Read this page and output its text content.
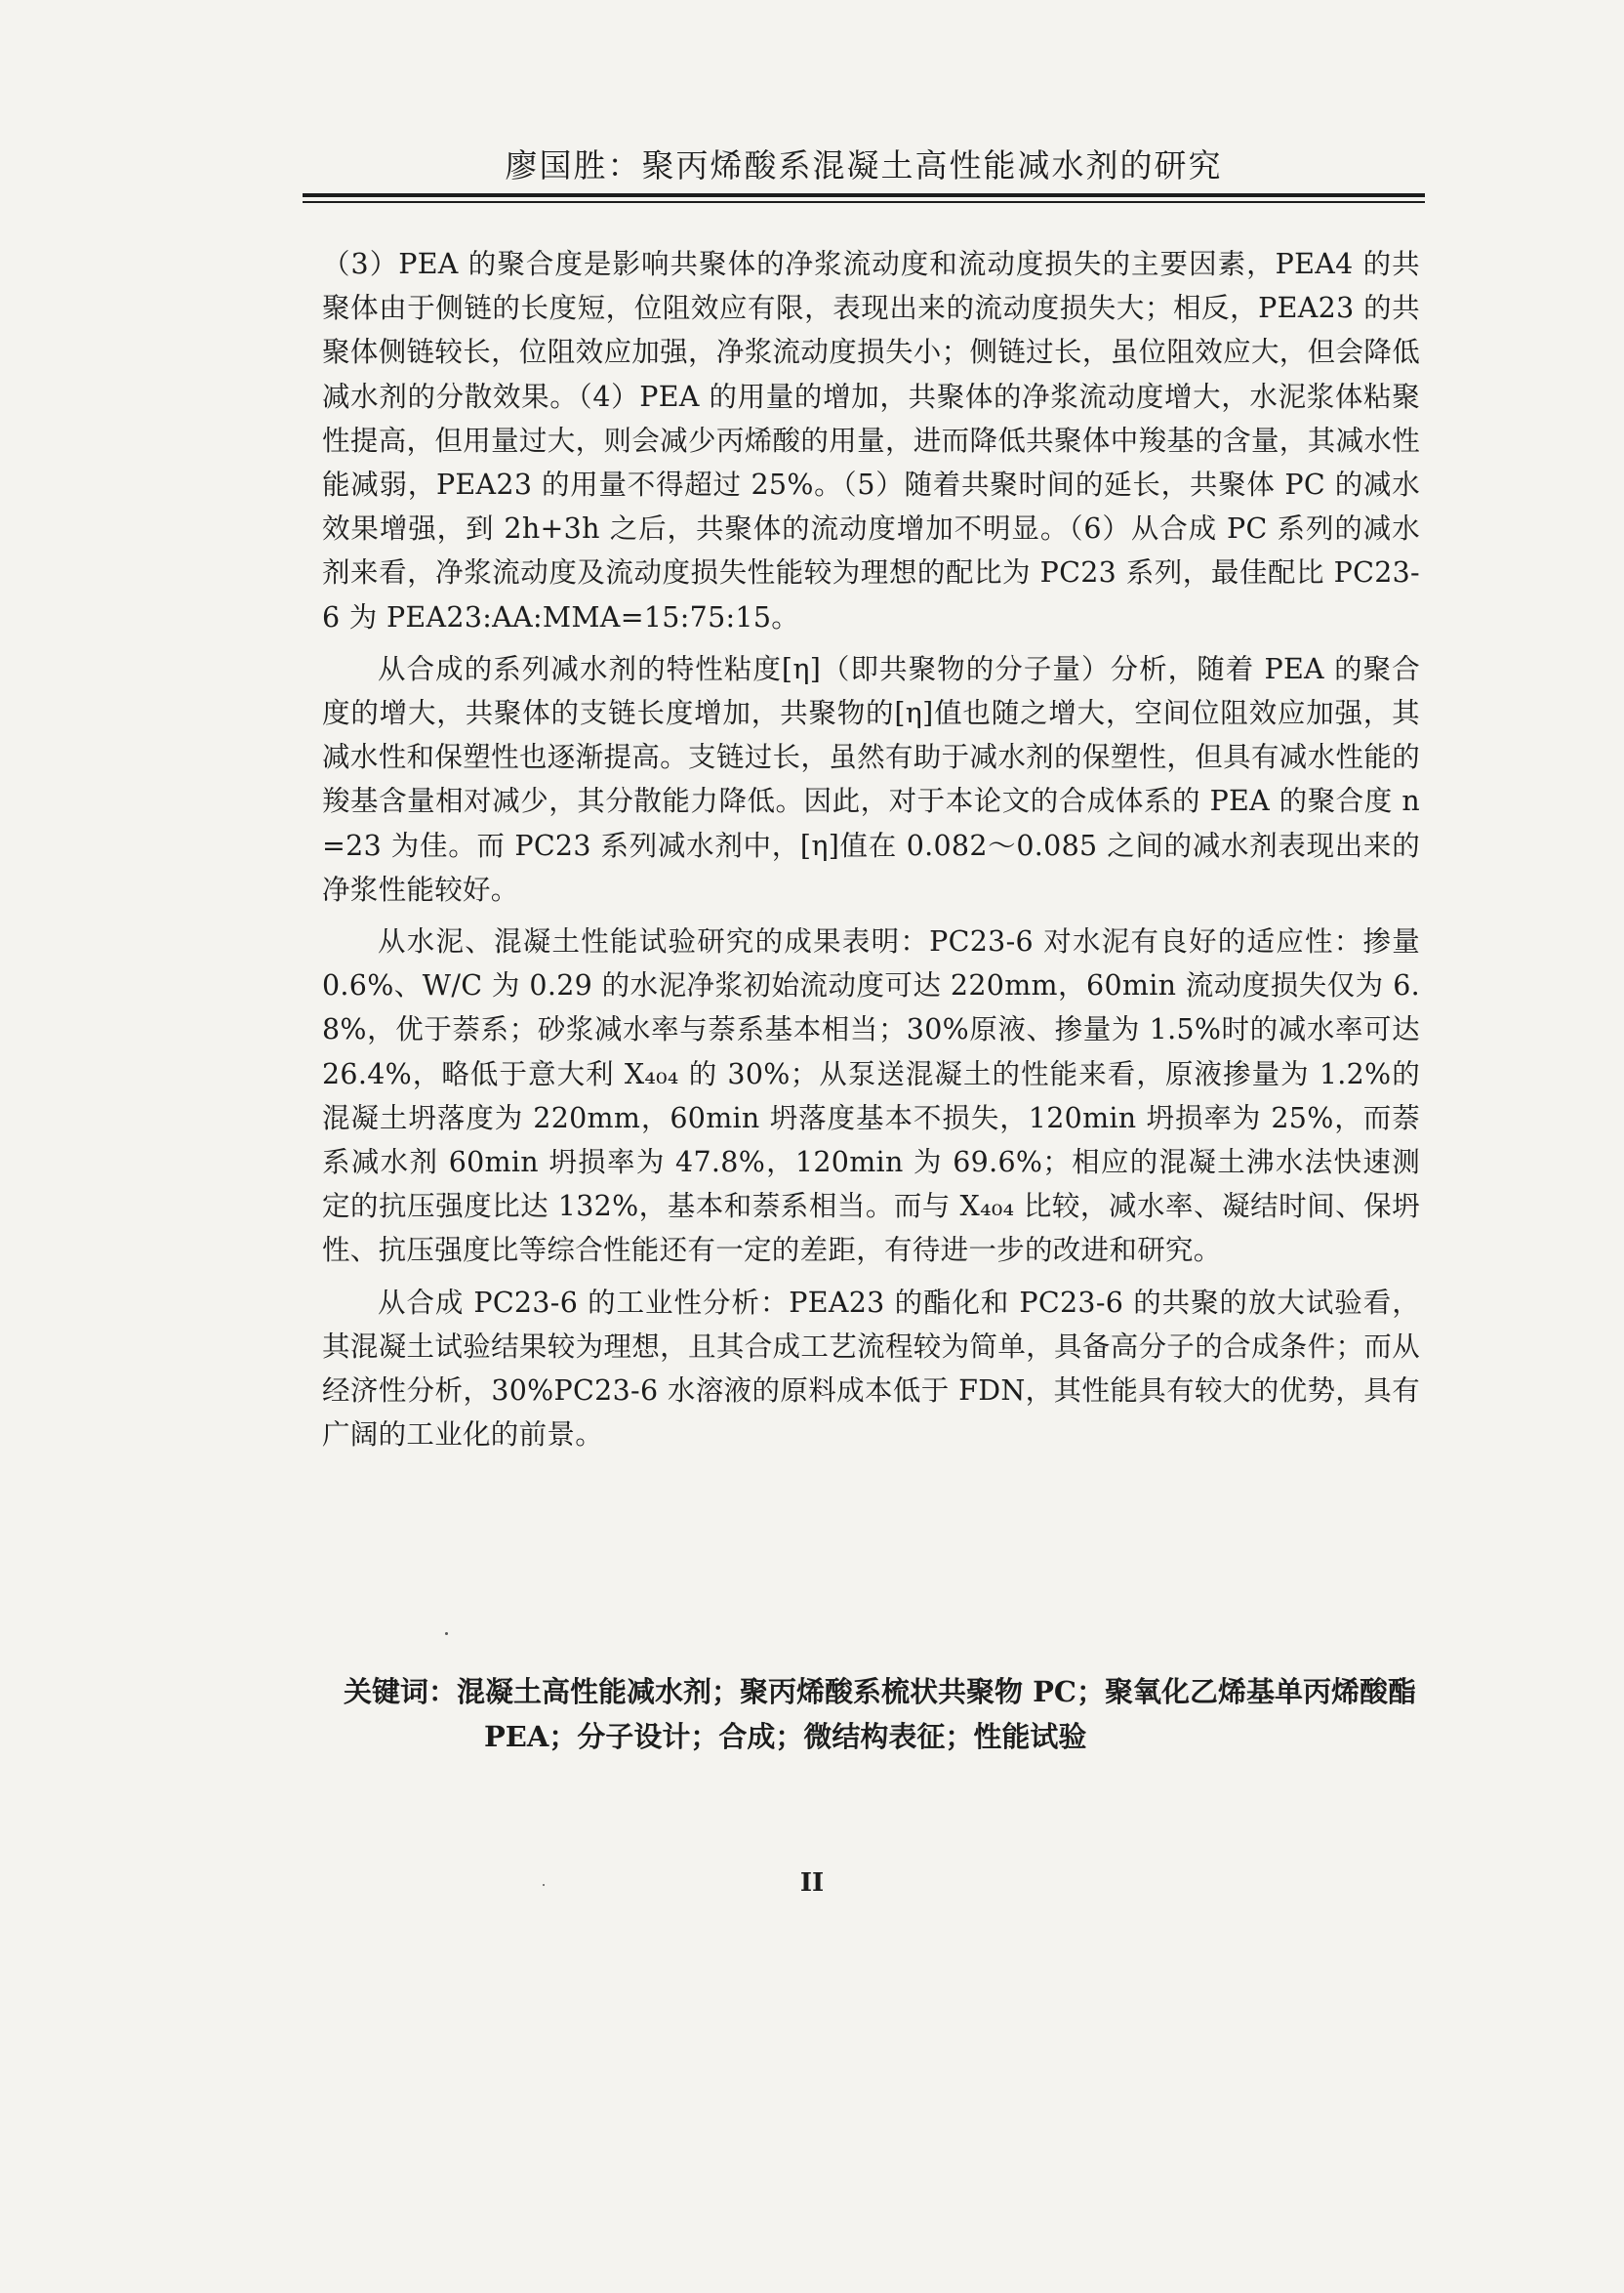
廖国胜：聚丙烯酸系混凝土高性能减水剂的研究

（3）PEA 的聚合度是影响共聚体的净浆流动度和流动度损失的主要因素，PEA4 的共聚体由于侧链的长度短，位阻效应有限，表现出来的流动度损失大；相反，PEA23 的共聚体侧链较长，位阻效应加强，净浆流动度损失小；侧链过长，虽位阻效应大，但会降低减水剂的分散效果。（4）PEA 的用量的增加，共聚体的净浆流动度增大，水泥浆体粘聚性提高，但用量过大，则会减少丙烯酸的用量，进而降低共聚体中羧基的含量，其减水性能减弱，PEA23 的用量不得超过 25%。（5）随着共聚时间的延长，共聚体 PC 的减水效果增强，到 2h+3h 之后，共聚体的流动度增加不明显。（6）从合成 PC 系列的减水剂来看，净浆流动度及流动度损失性能较为理想的配比为 PC23 系列，最佳配比 PC23-6 为 PEA23:AA:MMA=15:75:15。

从合成的系列减水剂的特性粘度[η]（即共聚物的分子量）分析，随着 PEA 的聚合度的增大，共聚体的支链长度增加，共聚物的[η]值也随之增大，空间位阻效应加强，其减水性和保塑性也逐渐提高。支链过长，虽然有助于减水剂的保塑性，但具有减水性能的羧基含量相对减少，其分散能力降低。因此，对于本论文的合成体系的 PEA 的聚合度 n=23 为佳。而 PC23 系列减水剂中，[η]值在 0.082～0.085 之间的减水剂表现出来的净浆性能较好。

从水泥、混凝土性能试验研究的成果表明：PC23-6 对水泥有良好的适应性：掺量 0.6%、W/C 为 0.29 的水泥净浆初始流动度可达 220mm，60min 流动度损失仅为 6.8%，优于萘系；砂浆减水率与萘系基本相当；30%原液、掺量为 1.5%时的减水率可达 26.4%，略低于意大利 X₄₀₄ 的 30%；从泵送混凝土的性能来看，原液掺量为 1.2%的混凝土坍落度为 220mm，60min 坍落度基本不损失，120min 坍损率为 25%，而萘系减水剂 60min 坍损率为 47.8%，120min 为 69.6%；相应的混凝土沸水法快速测定的抗压强度比达 132%，基本和萘系相当。而与 X₄₀₄ 比较，减水率、凝结时间、保坍性、抗压强度比等综合性能还有一定的差距，有待进一步的改进和研究。

从合成 PC23-6 的工业性分析：PEA23 的酯化和 PC23-6 的共聚的放大试验看，其混凝土试验结果较为理想，且其合成工艺流程较为简单，具备高分子的合成条件；而从经济性分析，30%PC23-6 水溶液的原料成本低于 FDN，其性能具有较大的优势，具有广阔的工业化的前景。

关键词：混凝土高性能减水剂；聚丙烯酸系梳状共聚物 PC；聚氧化乙烯基单丙烯酸酯
PEA；分子设计；合成；微结构表征；性能试验
II
